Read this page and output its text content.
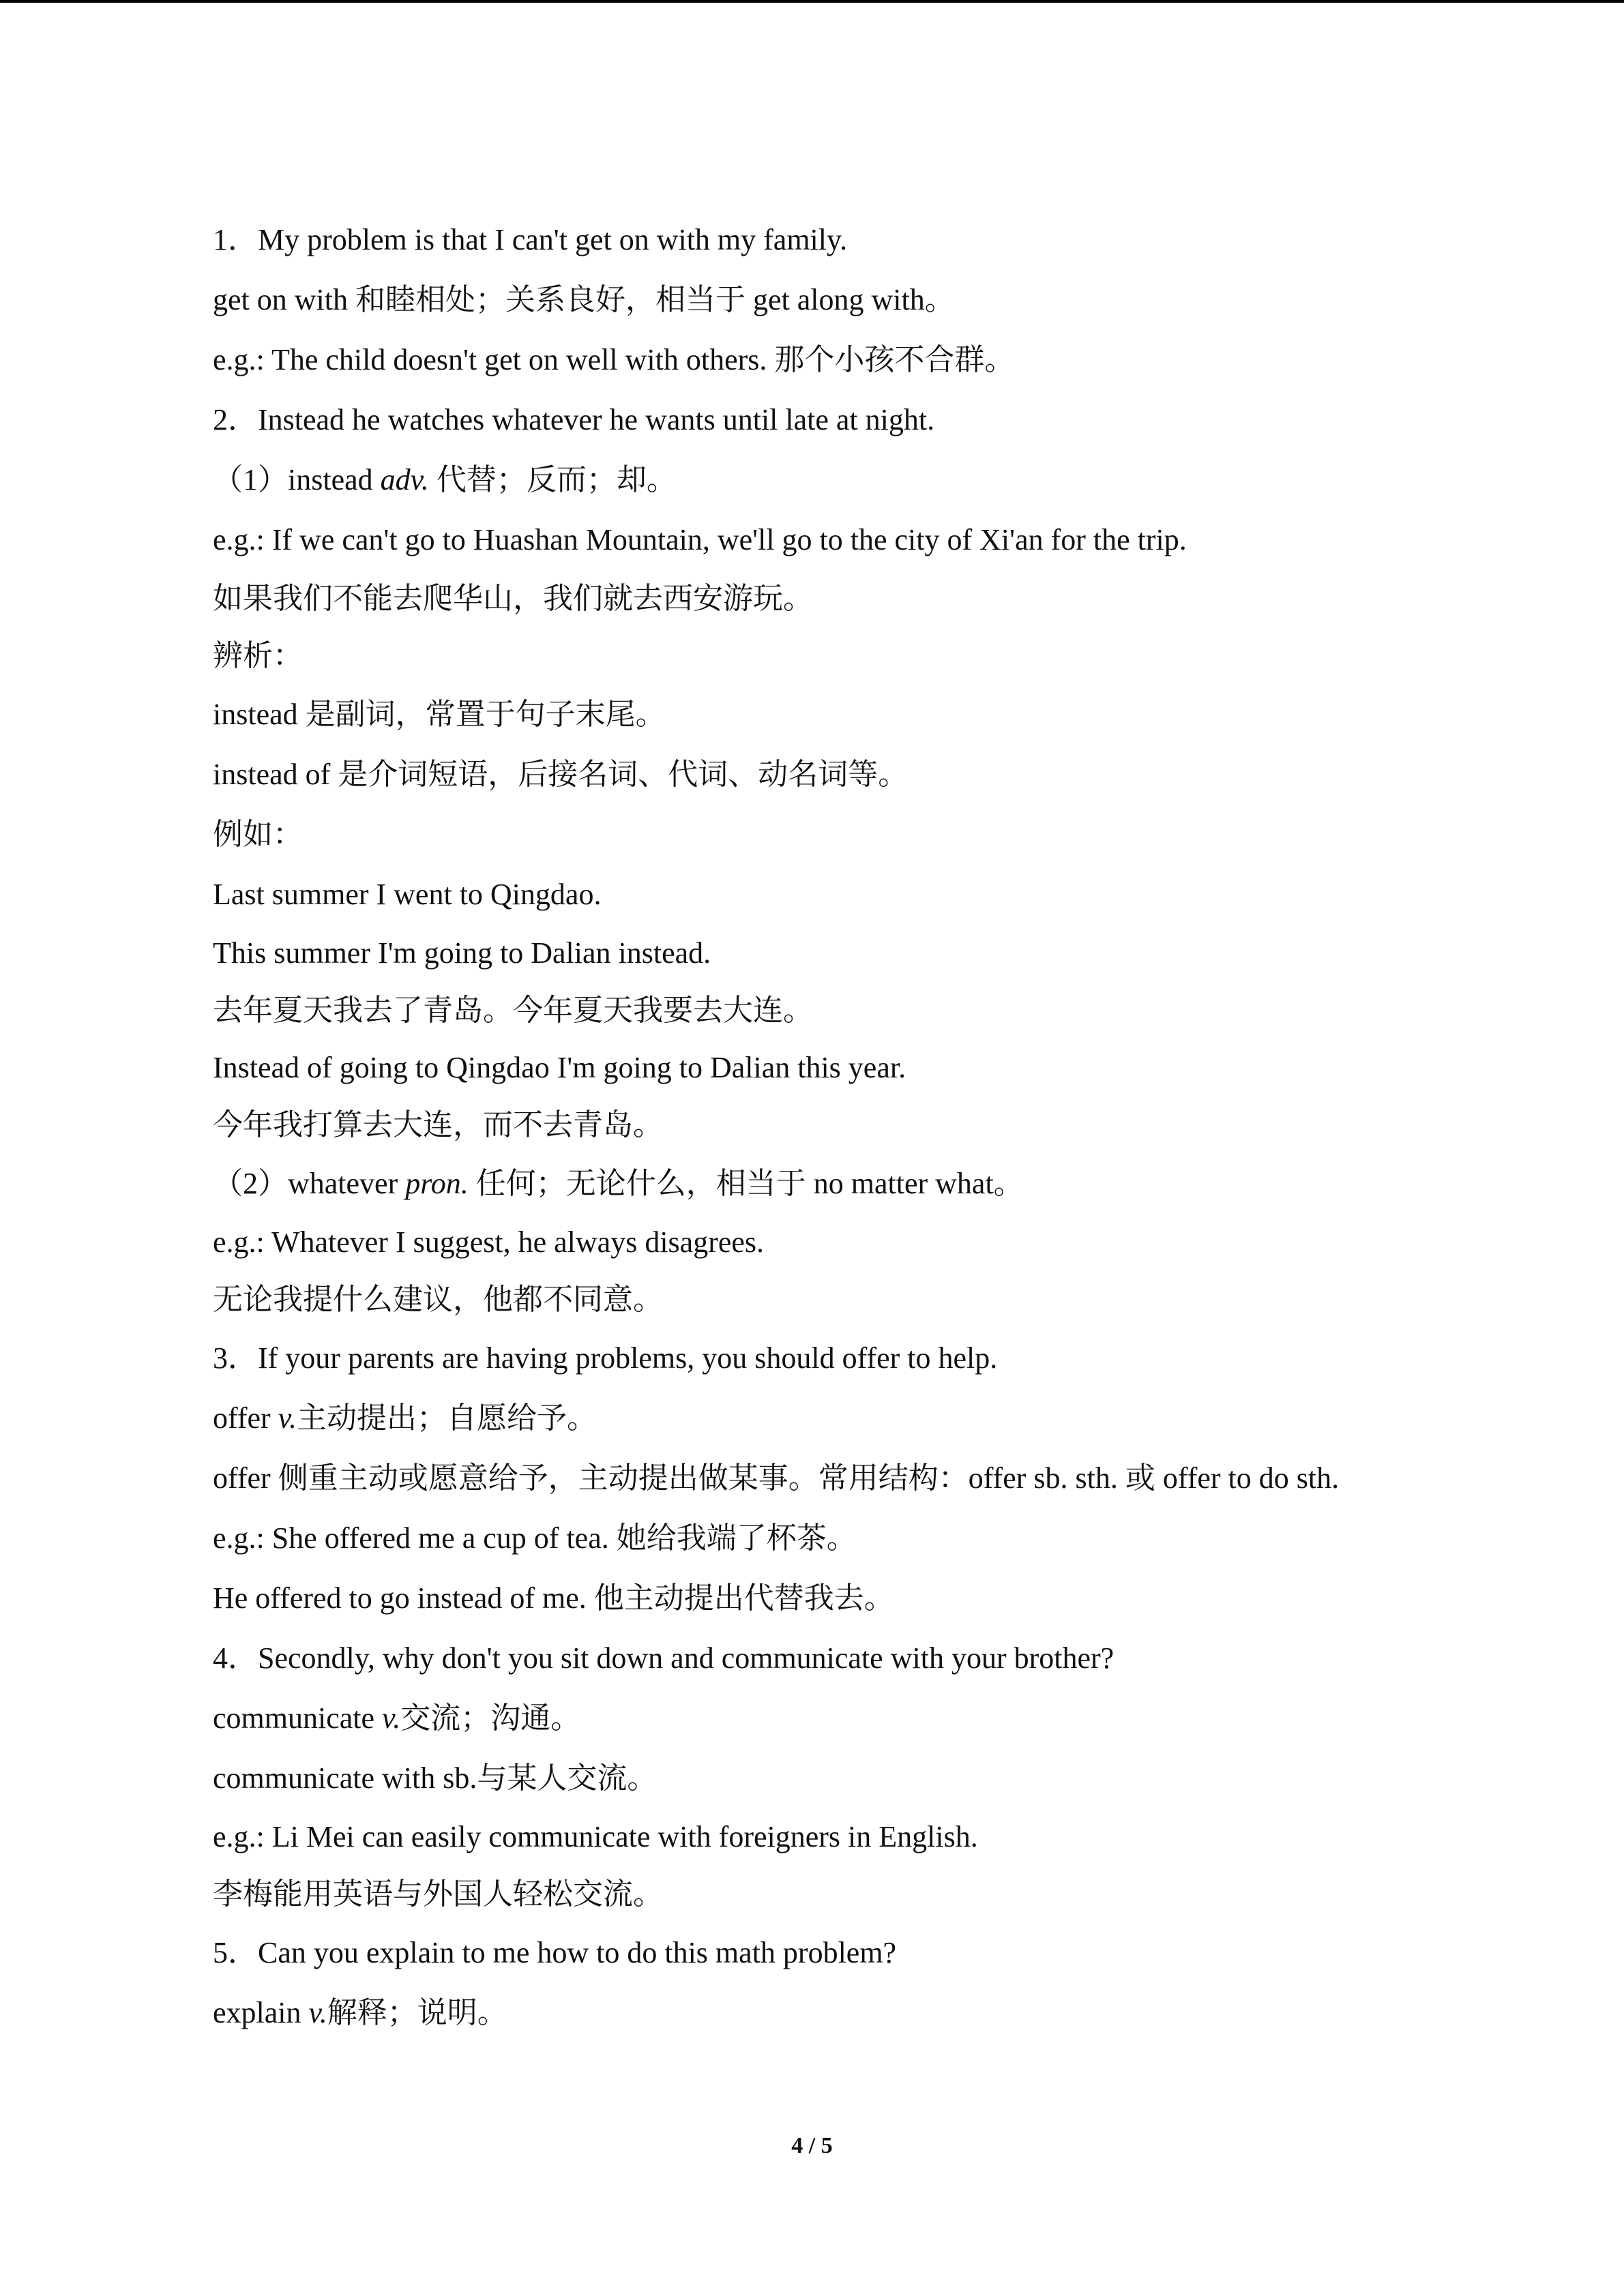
1．My problem is that I can't get on with my family.
get on with 和睦相处；关系良好，相当于 get along with。
e.g.: The child doesn't get on well with others. 那个小孩不合群。
2．Instead he watches whatever he wants until late at night.
（1）instead adv. 代替；反而；却。
e.g.: If we can't go to Huashan Mountain, we'll go to the city of Xi'an for the trip.
如果我们不能去爬华山，我们就去西安游玩。
辨析：
instead 是副词，常置于句子末尾。
instead of 是介词短语，后接名词、代词、动名词等。
例如：
Last summer I went to Qingdao.
This summer I'm going to Dalian instead.
去年夏天我去了青岛。今年夏天我要去大连。
Instead of going to Qingdao I'm going to Dalian this year.
今年我打算去大连，而不去青岛。
（2）whatever pron. 任何；无论什么，相当于 no matter what。
e.g.: Whatever I suggest, he always disagrees.
无论我提什么建议，他都不同意。
3．If your parents are having problems, you should offer to help.
offer v.主动提出；自愿给予。
offer 侧重主动或愿意给予，主动提出做某事。常用结构：offer sb. sth. 或 offer to do sth.
e.g.: She offered me a cup of tea. 她给我端了杯茶。
He offered to go instead of me. 他主动提出代替我去。
4．Secondly, why don't you sit down and communicate with your brother?
communicate v.交流；沟通。
communicate with sb.与某人交流。
e.g.: Li Mei can easily communicate with foreigners in English.
李梅能用英语与外国人轻松交流。
5．Can you explain to me how to do this math problem?
explain v.解释；说明。
4 / 5
